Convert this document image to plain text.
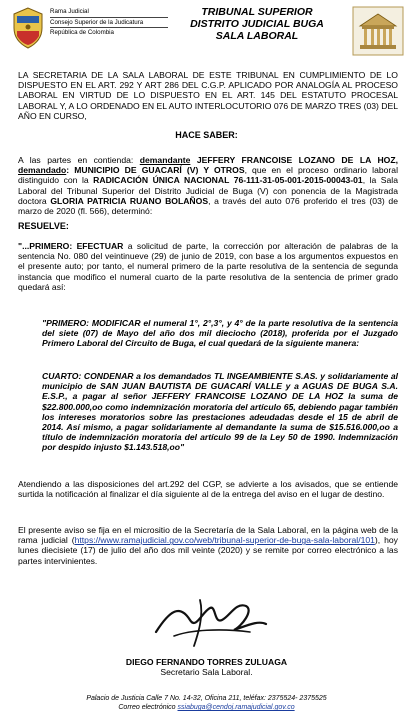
Rama Judicial
Consejo Superior de la Judicatura
República de Colombia
TRIBUNAL SUPERIOR
DISTRITO JUDICIAL BUGA
SALA LABORAL
LA SECRETARIA DE LA SALA LABORAL DE ESTE TRIBUNAL EN CUMPLIMIENTO DE LO DISPUESTO EN EL ART. 292 Y ART 286 DEL C.G.P. APLICADO POR ANALOGÍA AL PROCESO LABORAL EN VIRTUD DE LO DISPUESTO EN EL ART. 145 DEL ESTATUTO PROCESAL LABORAL Y, A LO ORDENADO EN EL AUTO INTERLOCUTORIO 076 DE MARZO TRES (03) DEL AÑO EN CURSO,
HACE SABER:
A las partes en contienda: demandante JEFFERY FRANCOISE LOZANO DE LA HOZ, demandado: MUNICIPIO DE GUACARÍ (V) Y OTROS, que en el proceso ordinario laboral distinguido con la RADICACIÓN ÚNICA NACIONAL 76-111-31-05-001-2015-00043-01, la Sala Laboral del Tribunal Superior del Distrito Judicial de Buga (V) con ponencia de la Magistrada doctora GLORIA PATRICIA RUANO BOLAÑOS, a través del auto 076 proferido el tres (03) de marzo de 2020 (fl. 566), determinó:
RESUELVE:
"...PRIMERO: EFECTUAR a solicitud de parte, la corrección por alteración de palabras de la sentencia No. 080 del veintinueve (29) de junio de 2019, con base a los argumentos expuestos en el presente auto; por tanto, el numeral primero de la parte resolutiva de la sentencia de segunda instancia que modifico el numeral cuarto de la parte resolutiva de la sentencia de primer grado quedará así:
"PRIMERO: MODIFICAR el numeral 1°, 2°,3°, y 4° de la parte resolutiva de la sentencia del siete (07) de Mayo del año dos mil dieciocho (2018), proferida por el Juzgado Primero Laboral del Circuito de Buga, el cual quedará de la siguiente manera:
CUARTO: CONDENAR a los demandados TL INGEAMBIENTE S.AS. y solidariamente al municipio de SAN JUAN BAUTISTA DE GUACARÍ VALLE y a AGUAS DE BUGA S.A. E.S.P., a pagar al señor JEFFERY FRANCOISE LOZANO DE LA HOZ la suma de $22.800.000,oo como indemnización moratoria del artículo 65, debiendo pagar también los intereses moratorios sobre las prestaciones adeudadas desde el 15 de abril de 2014. Así mismo, a pagar solidariamente al demandante la suma de $15.516.000,oo a título de indemnización moratoria del artículo 99 de la Ley 50 de 1990. Indemnización por despido injusto $1.143.518,oo"
Atendiendo a las disposiciones del art.292 del CGP, se advierte a los avisados, que se entiende surtida la notificación al finalizar el día siguiente al de la entrega del aviso en el lugar de destino.
El presente aviso se fija en el micrositio de la Secretaría de la Sala Laboral, en la página web de la rama judicial (https://www.ramajudicial.gov.co/web/tribunal-superior-de-buga-sala-laboral/101), hoy lunes diecisiete (17) de julio del año dos mil veinte (2020) y se remite por correo electrónico a las partes intervinientes.
DIEGO FERNANDO TORRES ZULUAGA
Secretario Sala Laboral.
Palacio de Justicia Calle 7 No. 14-32, Oficina 211, teléfax: 2375524- 2375525
Correo electrónico ssiabuga@cendoj.ramajudicial.gov.co
